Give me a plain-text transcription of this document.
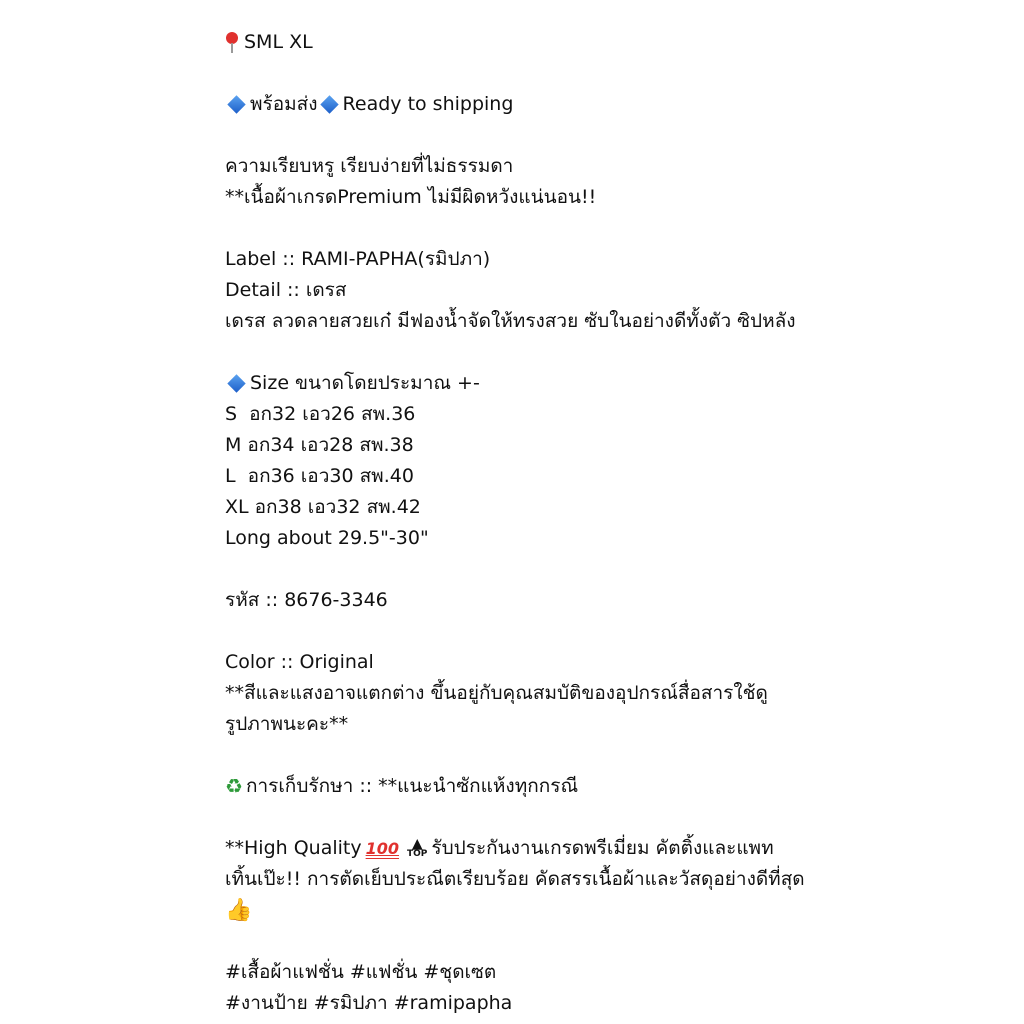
SML XL
พร้อมส่ง Ready to shipping
ความเรียบหรู เรียบง่ายที่ไม่ธรรมดา
**เนื้อผ้าเกรดPremium ไม่มีผิดหวังแน่นอน!!
Label :: RAMI-PAPHA(รมิปภา)
Detail :: เดรส
เดรส ลวดลายสวยเก๋ มีฟองน้ำจัดให้ทรงสวย ซับในอย่างดีทั้งตัว ซิปหลัง
Size ขนาดโดยประมาณ +-
S  อก32 เอว26 สพ.36
M อก34 เอว28 สพ.38
L  อก36 เอว30 สพ.40
XL อก38 เอว32 สพ.42
Long about 29.5"-30"
รหัส :: 8676-3346
Color :: Original
**สีและแสงอาจแตกต่าง ขึ้นอยู่กับคุณสมบัติของอุปกรณ์สื่อสารใช้ดู
รูปภาพนะคะ**
♻ การเก็บรักษา :: **แนะนำซักแห้งทุกกรณี
**High Quality 100 ▲
TOP รับประกันงานเกรดพรีเมี่ยม คัตติ้งและแพท
เทิ้นเป๊ะ!! การตัดเย็บประณีตเรียบร้อย คัดสรรเนื้อผ้าและวัสดุอย่างดีที่สุด
👍
#เสื้อผ้าแฟชั่น #แฟชั่น #ชุดเซต
#งานป้าย #รมิปภา #ramipapha
